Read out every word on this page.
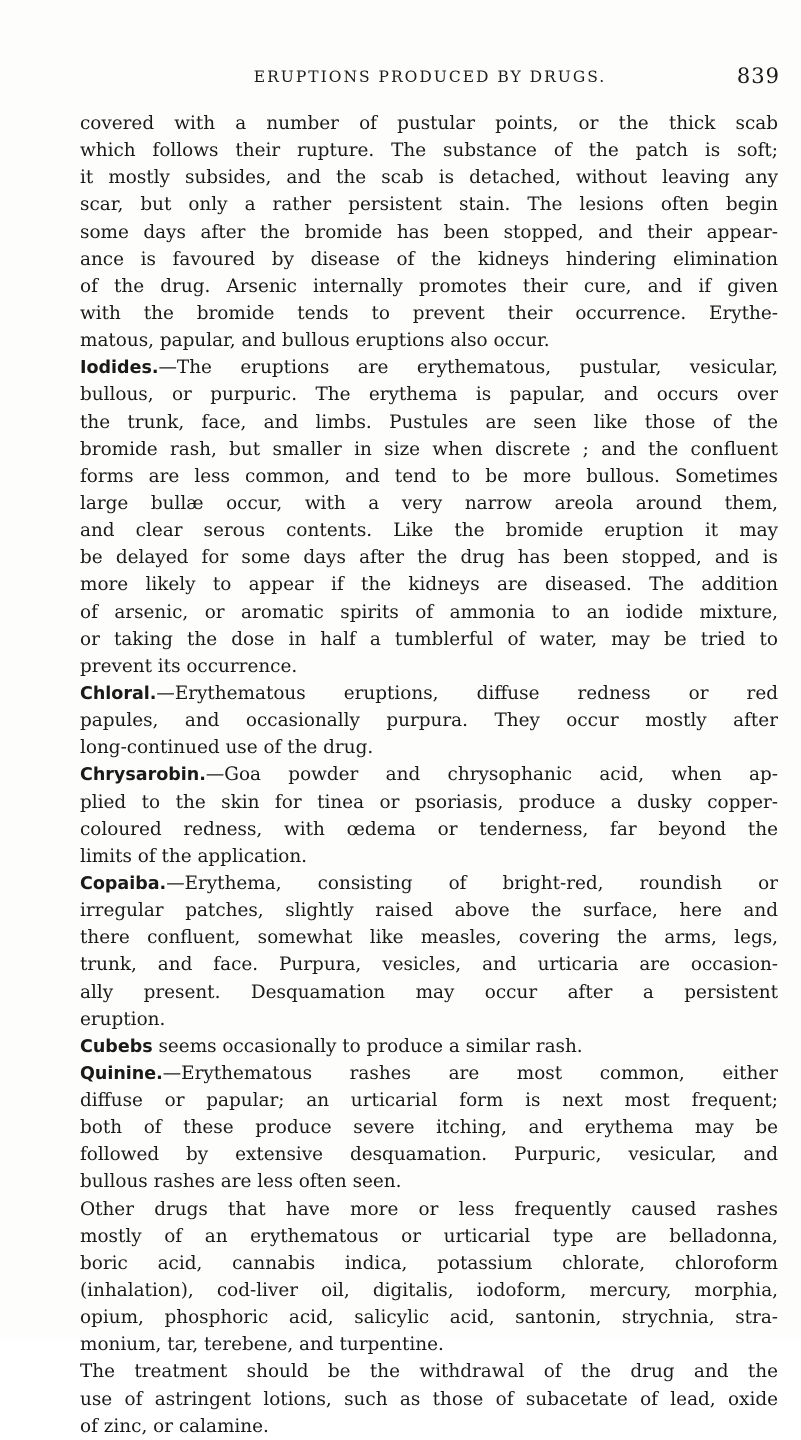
ERUPTIONS PRODUCED BY DRUGS.	839
covered with a number of pustular points, or the thick scab
which follows their rupture. The substance of the patch is soft;
it mostly subsides, and the scab is detached, without leaving any
scar, but only a rather persistent stain. The lesions often begin
some days after the bromide has been stopped, and their appear-
ance is favoured by disease of the kidneys hindering elimination
of the drug. Arsenic internally promotes their cure, and if given
with the bromide tends to prevent their occurrence. Erythe-
matous, papular, and bullous eruptions also occur.
Iodides.—The eruptions are erythematous, pustular, vesicular,
bullous, or purpuric. The erythema is papular, and occurs over
the trunk, face, and limbs. Pustules are seen like those of the
bromide rash, but smaller in size when discrete ; and the confluent
forms are less common, and tend to be more bullous. Sometimes
large bullæ occur, with a very narrow areola around them,
and clear serous contents. Like the bromide eruption it may
be delayed for some days after the drug has been stopped, and is
more likely to appear if the kidneys are diseased. The addition
of arsenic, or aromatic spirits of ammonia to an iodide mixture,
or taking the dose in half a tumblerful of water, may be tried to
prevent its occurrence.
Chloral.—Erythematous eruptions, diffuse redness or red
papules, and occasionally purpura. They occur mostly after
long-continued use of the drug.
Chrysarobin.—Goa powder and chrysophanic acid, when ap-
plied to the skin for tinea or psoriasis, produce a dusky copper-
coloured redness, with œdema or tenderness, far beyond the
limits of the application.
Copaiba.—Erythema, consisting of bright-red, roundish or
irregular patches, slightly raised above the surface, here and
there confluent, somewhat like measles, covering the arms, legs,
trunk, and face. Purpura, vesicles, and urticaria are occasion-
ally present. Desquamation may occur after a persistent
eruption.
Cubebs seems occasionally to produce a similar rash.
Quinine.—Erythematous rashes are most common, either
diffuse or papular; an urticarial form is next most frequent;
both of these produce severe itching, and erythema may be
followed by extensive desquamation. Purpuric, vesicular, and
bullous rashes are less often seen.
Other drugs that have more or less frequently caused rashes
mostly of an erythematous or urticarial type are belladonna,
boric acid, cannabis indica, potassium chlorate, chloroform
(inhalation), cod-liver oil, digitalis, iodoform, mercury, morphia,
opium, phosphoric acid, salicylic acid, santonin, strychnia, stra-
monium, tar, terebene, and turpentine.
The treatment should be the withdrawal of the drug and the
use of astringent lotions, such as those of subacetate of lead, oxide
of zinc, or calamine.
